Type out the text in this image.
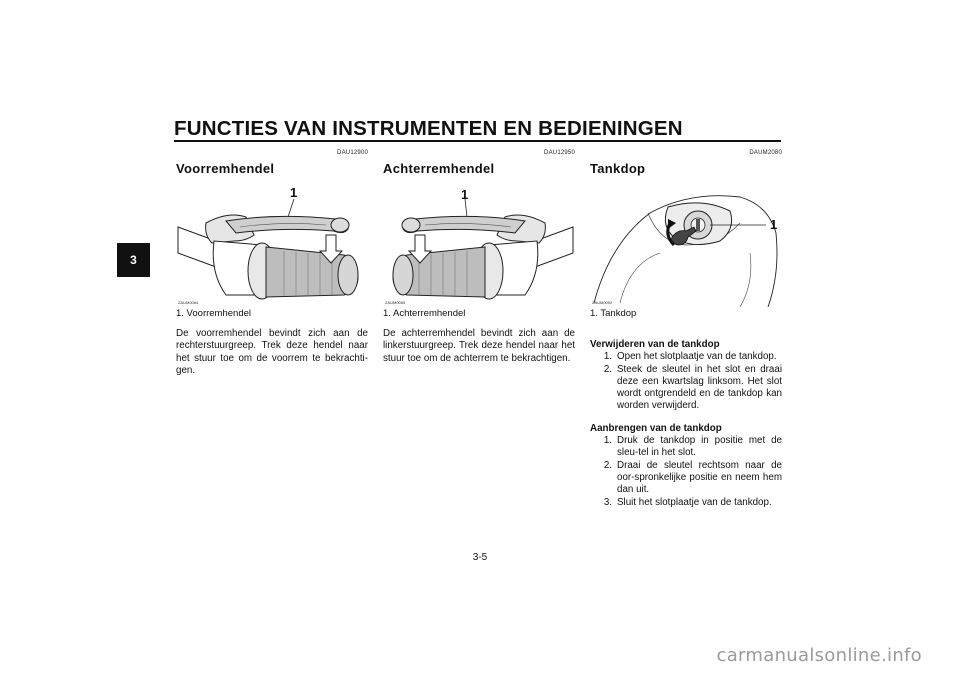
FUNCTIES VAN INSTRUMENTEN EN BEDIENINGEN
3
DAU12900
Voorremhendel
1
ZAUM0064
1. Voorremhendel
De voorremhendel bevindt zich aan de rechterstuurgreep. Trek deze hendel naar het stuur toe om de voorrem te bekrachti-gen.
DAU12950
Achterremhendel
1
ZAUM0065
1. Achterremhendel
De achterremhendel bevindt zich aan de linkerstuurgreep. Trek deze hendel naar het stuur toe om de achterrem te bekrachtigen.
DAUM2080
Tankdop
1
ZAUM0092
1. Tankdop
Verwijderen van de tankdop
1. Open het slotplaatje van de tankdop.
2. Steek de sleutel in het slot en draai deze een kwartslag linksom. Het slot wordt ontgrendeld en de tankdop kan worden verwijderd.
Aanbrengen van de tankdop
1. Druk de tankdop in positie met de sleu-tel in het slot.
2. Draai de sleutel rechtsom naar de oor-spronkelijke positie en neem hem dan uit.
3. Sluit het slotplaatje van de tankdop.
3-5
carmanualsonline.info
